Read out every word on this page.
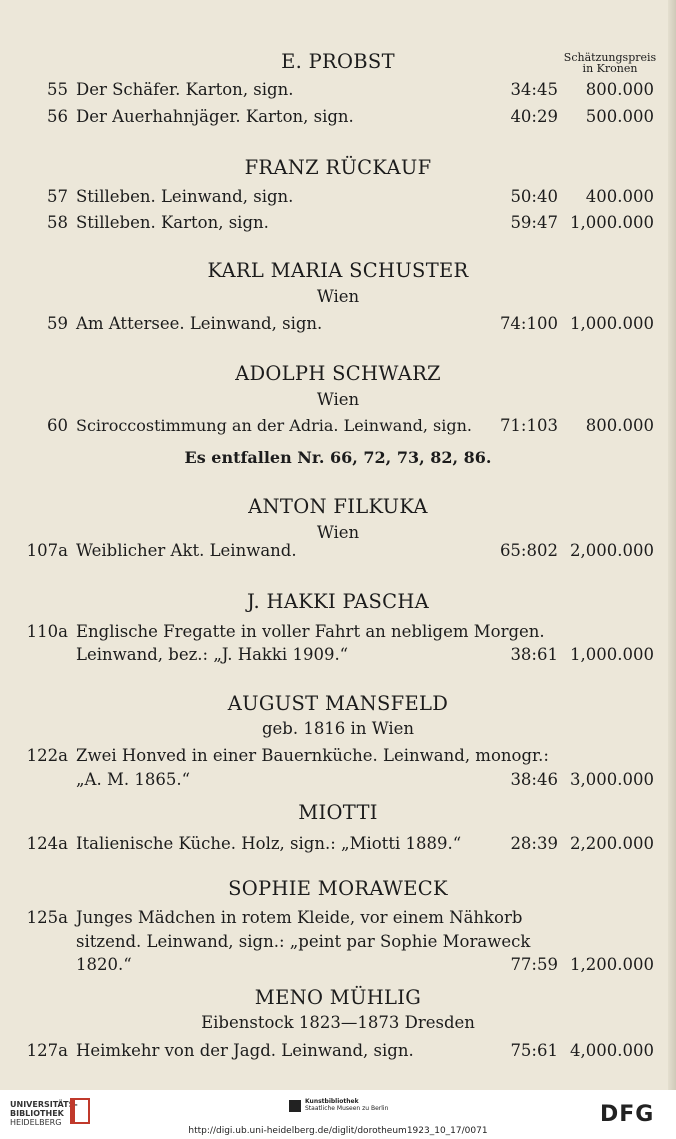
Schätzungspreis
in Kronen
E. PROBST
55 Der Schäfer. Karton, sign.	34:45	800.000
56 Der Auerhahnjäger. Karton, sign.	40:29	500.000
FRANZ RÜCKAUF
57 Stilleben. Leinwand, sign.	50:40	400.000
58 Stilleben. Karton, sign.	59:47 1,000.000
KARL MARIA SCHUSTER
Wien
59 Am Attersee. Leinwand, sign.	74:100 1,000.000
ADOLPH SCHWARZ
Wien
60 Sciroccostimmung an der Adria. Leinwand, sign.	71:103	800.000
Es entfallen Nr. 66, 72, 73, 82, 86.
ANTON FILKUKA
Wien
107a Weiblicher Akt. Leinwand.	65:802 2,000.000
J. HAKKI PASCHA
110a Englische Fregatte in voller Fahrt an nebligem Morgen.
Leinwand, bez.: „J. Hakki 1909.“	38:61 1,000.000
AUGUST MANSFELD
geb. 1816 in Wien
122a Zwei Honved in einer Bauernküche. Leinwand, monogr.:
„A. M. 1865.“	38:46 3,000.000
MIOTTI
124a Italienische Küche. Holz, sign.: „Miotti 1889.“	28:39 2,200.000
SOPHIE MORAWECK
125a Junges Mädchen in rotem Kleide, vor einem Nähkorb
sitzend. Leinwand, sign.: „peint par Sophie Moraweck
1820.“	77:59 1,200.000
MENO MÜHLIG
Eibenstock 1823—1873 Dresden
127a Heimkehr von der Jagd. Leinwand, sign.	75:61 4,000.000
UNIVERSITÄTS-
BIBLIOTHEK
HEIDELBERG
Kunstbibliothek
Staatliche Museen zu Berlin	DFG
http://digi.ub.uni-heidelberg.de/diglit/dorotheum1923_10_17/0071
